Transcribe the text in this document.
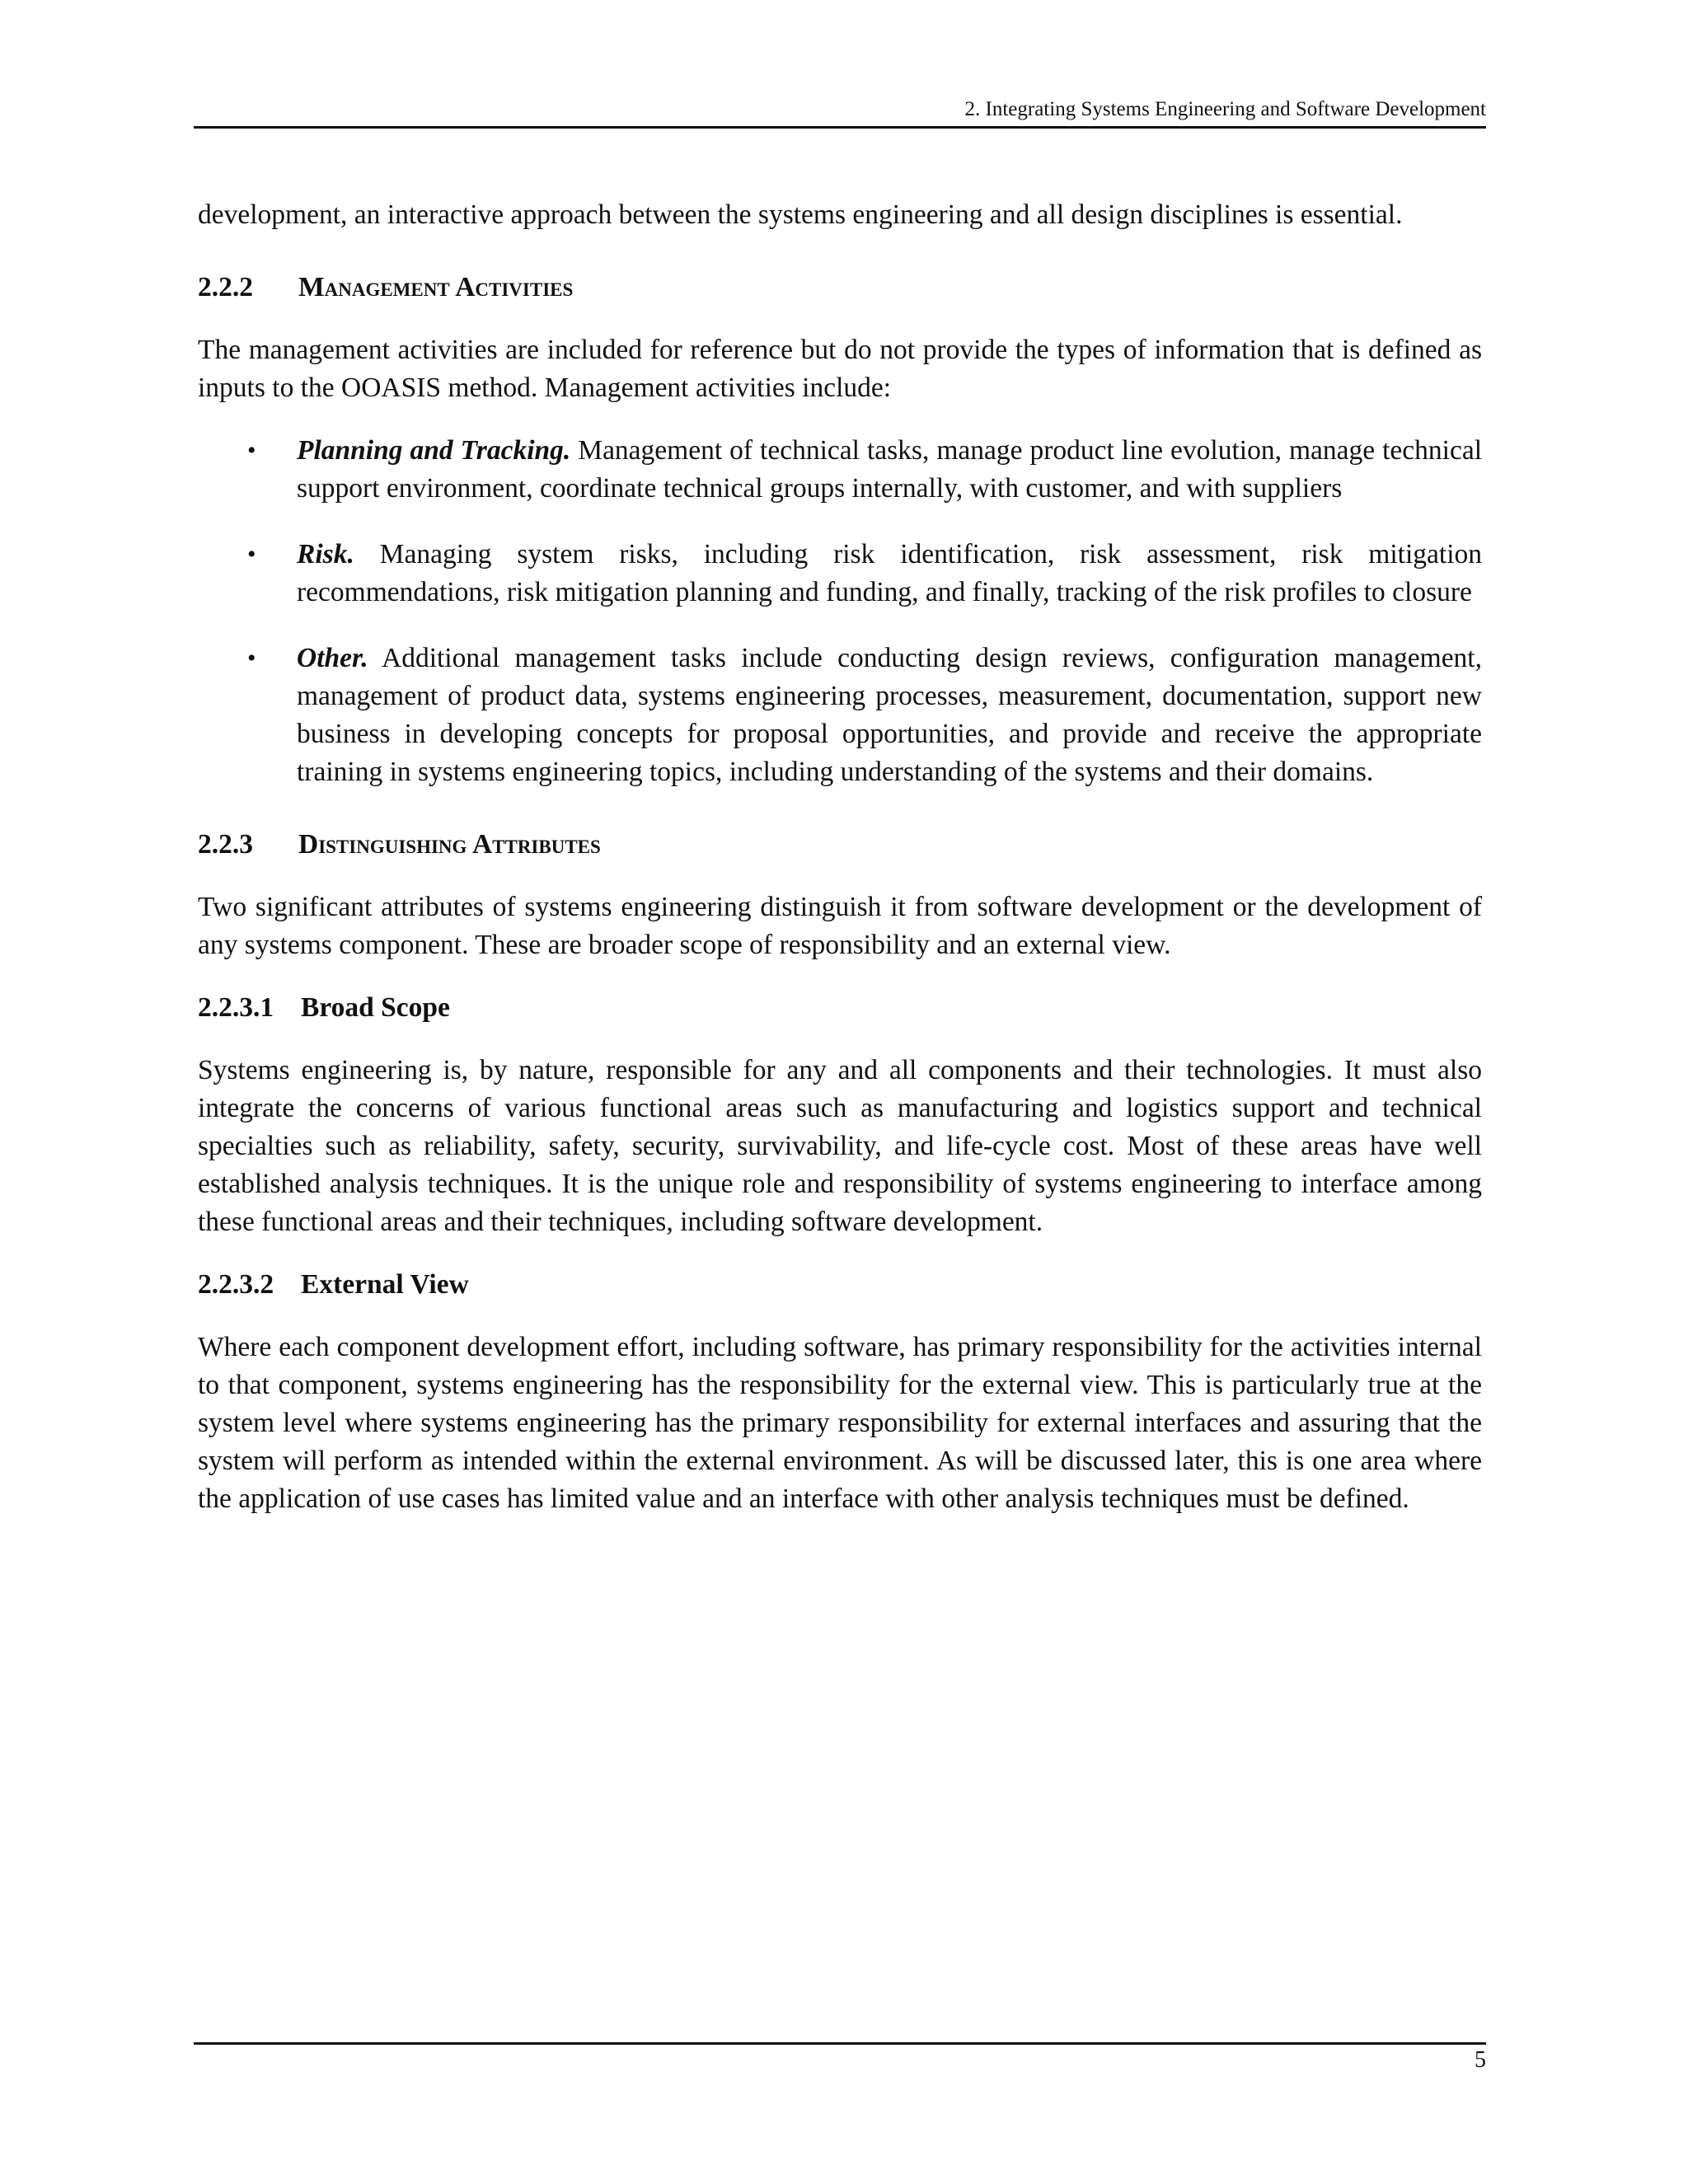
2. Integrating Systems Engineering and Software Development

development, an interactive approach between the systems engineering and all design disciplines is essential.

2.2.2 Management Activities

The management activities are included for reference but do not provide the types of information that is defined as inputs to the OOASIS method. Management activities include:

• Planning and Tracking. Management of technical tasks, manage product line evolution, manage technical support environment, coordinate technical groups internally, with customer, and with suppliers
• Risk. Managing system risks, including risk identification, risk assessment, risk mitigation recommendations, risk mitigation planning and funding, and finally, tracking of the risk profiles to closure
• Other. Additional management tasks include conducting design reviews, configuration management, management of product data, systems engineering processes, measurement, documentation, support new business in developing concepts for proposal opportunities, and provide and receive the appropriate training in systems engineering topics, including understanding of the systems and their domains.
2.2.3 Distinguishing Attributes

Two significant attributes of systems engineering distinguish it from software development or the development of any systems component. These are broader scope of responsibility and an external view.

2.2.3.1 Broad Scope

Systems engineering is, by nature, responsible for any and all components and their technologies. It must also integrate the concerns of various functional areas such as manufacturing and logistics support and technical specialties such as reliability, safety, security, survivability, and life-cycle cost. Most of these areas have well established analysis techniques. It is the unique role and responsibility of systems engineering to interface among these functional areas and their techniques, including software development.

2.2.3.2 External View

Where each component development effort, including software, has primary responsibility for the activities internal to that component, systems engineering has the responsibility for the external view. This is particularly true at the system level where systems engineering has the primary responsibility for external interfaces and assuring that the system will perform as intended within the external environment. As will be discussed later, this is one area where the application of use cases has limited value and an interface with other analysis techniques must be defined.

5
